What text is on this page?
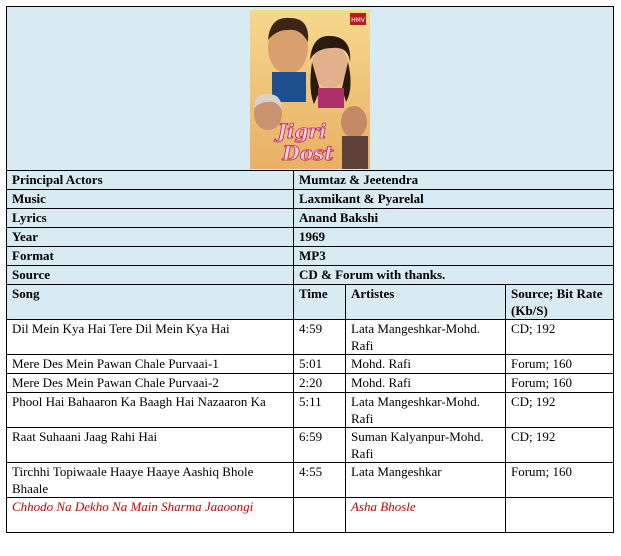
HMV
Jigri
Dost			

Principal Actors	Mumtaz & Jeetendra		
Music	Laxmikant & Pyarelal		
Lyrics	Anand Bakshi		
Year	1969		
Format	MP3		
Source	CD & Forum with thanks.		
Song	Time	Artistes	Source; Bit Rate (Kb/S)
Dil Mein Kya Hai Tere Dil Mein Kya Hai	4:59	Lata Mangeshkar-Mohd. Rafi	CD; 192
Mere Des Mein Pawan Chale Purvaai-1	5:01	Mohd. Rafi	Forum; 160
Mere Des Mein Pawan Chale Purvaai-2	2:20	Mohd. Rafi	Forum; 160
Phool Hai Bahaaron Ka Baagh Hai Nazaaron Ka	5:11	Lata Mangeshkar-Mohd. Rafi	CD; 192
Raat Suhaani Jaag Rahi Hai	6:59	Suman Kalyanpur-Mohd. Rafi	CD; 192
Tirchhi Topiwaale Haaye Haaye Aashiq Bhole Bhaale	4:55	Lata Mangeshkar	Forum; 160
Chhodo Na Dekho Na Main Sharma Jaaoongi		Asha Bhosle	
